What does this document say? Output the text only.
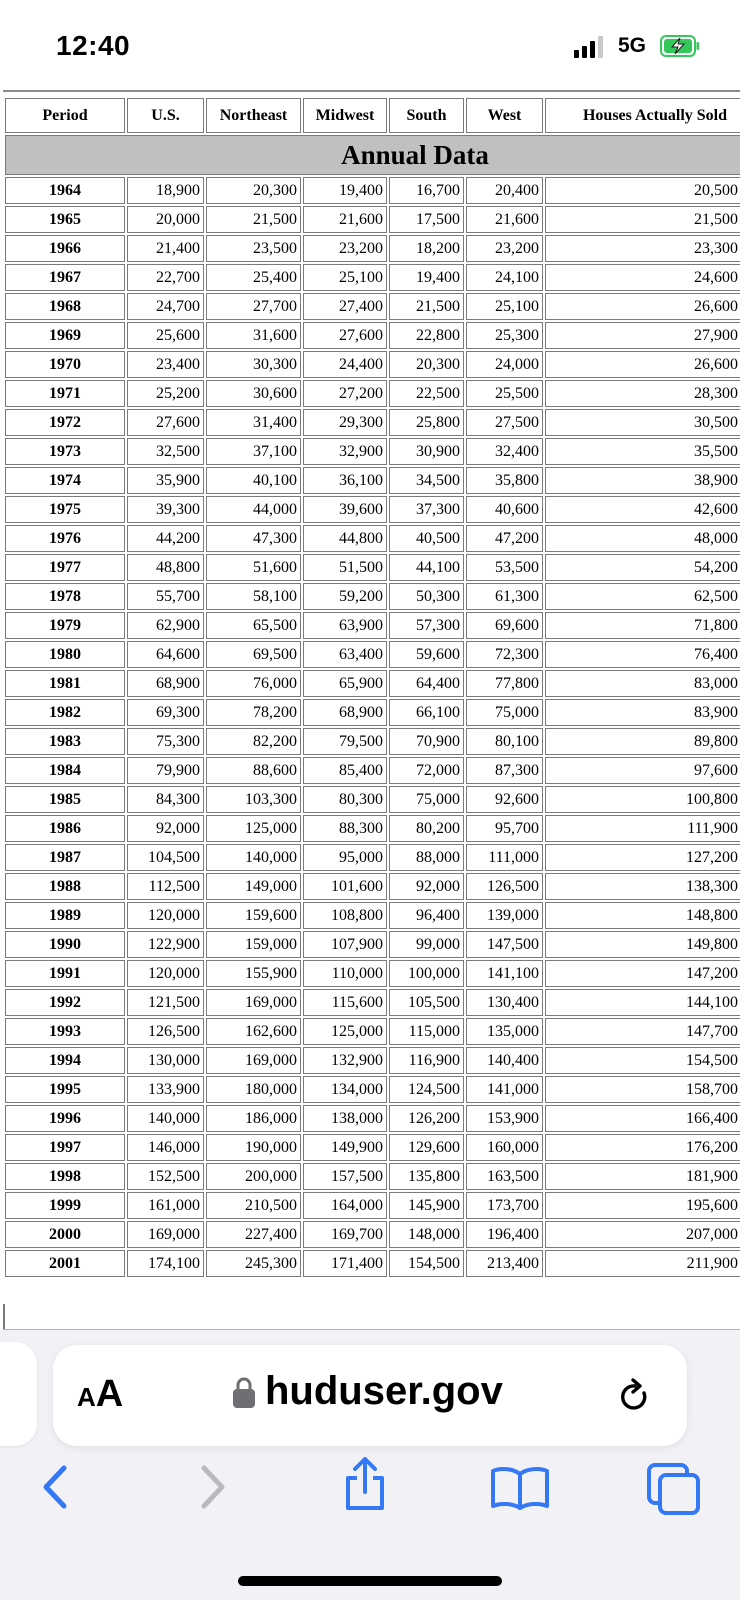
12:40	5G
Period	U.S.	Northeast	Midwest	South	West	Houses Actually Sold
Annual Data						
1964	18,900	20,300	19,400	16,700	20,400	20,500
1965	20,000	21,500	21,600	17,500	21,600	21,500
1966	21,400	23,500	23,200	18,200	23,200	23,300
1967	22,700	25,400	25,100	19,400	24,100	24,600
1968	24,700	27,700	27,400	21,500	25,100	26,600
1969	25,600	31,600	27,600	22,800	25,300	27,900
1970	23,400	30,300	24,400	20,300	24,000	26,600
1971	25,200	30,600	27,200	22,500	25,500	28,300
1972	27,600	31,400	29,300	25,800	27,500	30,500
1973	32,500	37,100	32,900	30,900	32,400	35,500
1974	35,900	40,100	36,100	34,500	35,800	38,900
1975	39,300	44,000	39,600	37,300	40,600	42,600
1976	44,200	47,300	44,800	40,500	47,200	48,000
1977	48,800	51,600	51,500	44,100	53,500	54,200
1978	55,700	58,100	59,200	50,300	61,300	62,500
1979	62,900	65,500	63,900	57,300	69,600	71,800
1980	64,600	69,500	63,400	59,600	72,300	76,400
1981	68,900	76,000	65,900	64,400	77,800	83,000
1982	69,300	78,200	68,900	66,100	75,000	83,900
1983	75,300	82,200	79,500	70,900	80,100	89,800
1984	79,900	88,600	85,400	72,000	87,300	97,600
1985	84,300	103,300	80,300	75,000	92,600	100,800
1986	92,000	125,000	88,300	80,200	95,700	111,900
1987	104,500	140,000	95,000	88,000	111,000	127,200
1988	112,500	149,000	101,600	92,000	126,500	138,300
1989	120,000	159,600	108,800	96,400	139,000	148,800
1990	122,900	159,000	107,900	99,000	147,500	149,800
1991	120,000	155,900	110,000	100,000	141,100	147,200
1992	121,500	169,000	115,600	105,500	130,400	144,100
1993	126,500	162,600	125,000	115,000	135,000	147,700
1994	130,000	169,000	132,900	116,900	140,400	154,500
1995	133,900	180,000	134,000	124,500	141,000	158,700
1996	140,000	186,000	138,000	126,200	153,900	166,400
1997	146,000	190,000	149,900	129,600	160,000	176,200
1998	152,500	200,000	157,500	135,800	163,500	181,900
1999	161,000	210,500	164,000	145,900	173,700	195,600
2000	169,000	227,400	169,700	148,000	196,400	207,000
2001	174,100	245,300	171,400	154,500	213,400	211,900
AA	huduser.gov
